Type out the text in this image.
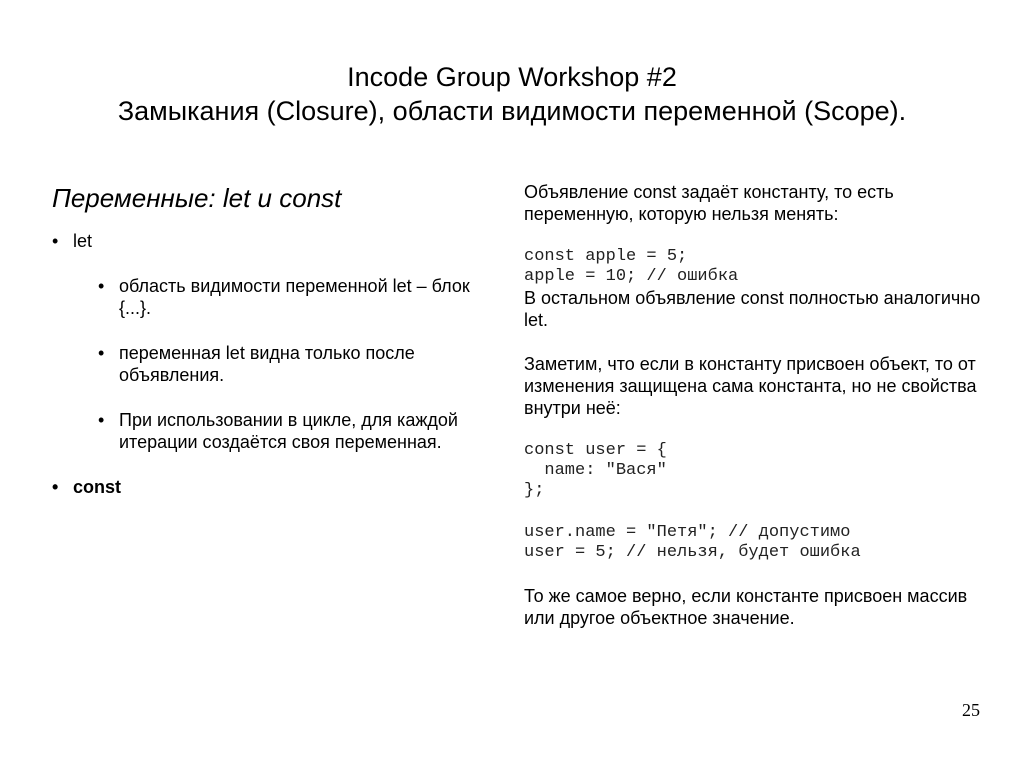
Incode Group Workshop #2
Замыкания (Closure), области видимости переменной (Scope).
Переменные: let и const
• let
• область видимости переменной let – блок {...}.
• переменная let видна только после объявления.
• При использовании в цикле, для каждой итерации создаётся своя переменная.
• const

Объявление const задаёт константу, то есть переменную, которую нельзя менять:

const apple = 5;
apple = 10; // ошибка

В остальном объявление const полностью аналогично let.

Заметим, что если в константу присвоен объект, то от изменения защищена сама константа, но не свойства внутри неё:

const user = {
name: "Вася"
};
user.name = "Петя"; // допустимо
user = 5; // нельзя, будет ошибка

То же самое верно, если константе присвоен массив или другое объектное значение.

25
